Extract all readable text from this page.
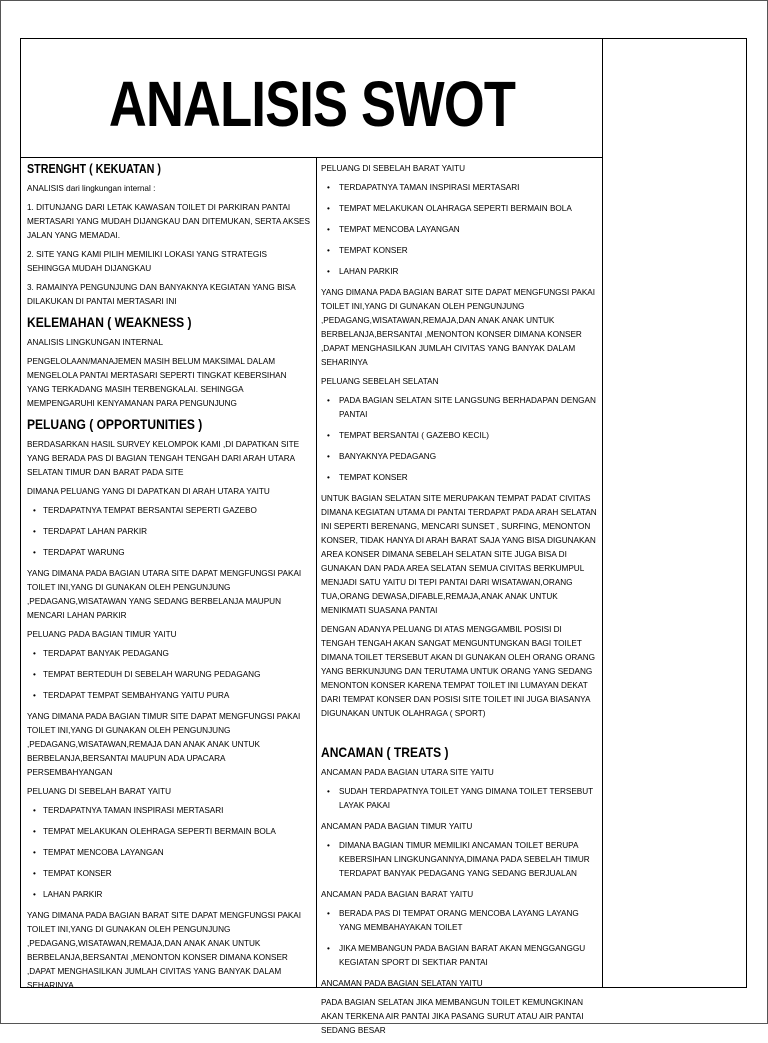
ANALISIS SWOT
STRENGHT ( KEKUATAN )

ANALISIS dari lingkungan internal :

1. DITUNJANG DARI LETAK KAWASAN TOILET DI PARKIRAN PANTAI MERTASARI YANG MUDAH DIJANGKAU DAN DITEMUKAN, SERTA AKSES JALAN YANG MEMADAI.

2. SITE YANG KAMI PILIH MEMILIKI LOKASI YANG STRATEGIS SEHINGGA MUDAH DIJANGKAU

3. RAMAINYA PENGUNJUNG DAN BANYAKNYA KEGIATAN YANG BISA DILAKUKAN DI PANTAI MERTASARI INI

KELEMAHAN ( WEAKNESS )

ANALISIS LINGKUNGAN INTERNAL

PENGELOLAAN/MANAJEMEN MASIH BELUM MAKSIMAL DALAM MENGELOLA PANTAI MERTASARI SEPERTI TINGKAT KEBERSIHAN YANG TERKADANG MASIH TERBENGKALAI. SEHINGGA MEMPENGARUHI KENYAMANAN PARA PENGUNJUNG

PELUANG ( OPPORTUNITIES )

BERDASARKAN HASIL SURVEY KELOMPOK KAMI ,DI DAPATKAN SITE YANG BERADA PAS DI BAGIAN TENGAH TENGAH DARI ARAH UTARA SELATAN TIMUR DAN BARAT PADA SITE

DIMANA PELUANG YANG DI DAPATKAN DI ARAH UTARA YAITU

• TERDAPATNYA TEMPAT BERSANTAI SEPERTI GAZEBO
• TERDAPAT LAHAN PARKIR
• TERDAPAT WARUNG

YANG DIMANA PADA BAGIAN UTARA SITE DAPAT MENGFUNGSI PAKAI TOILET INI,YANG DI GUNAKAN OLEH PENGUNJUNG ,PEDAGANG,WISATAWAN YANG SEDANG BERBELANJA MAUPUN MENCARI LAHAN PARKIR

PELUANG PADA BAGIAN TIMUR YAITU

• TERDAPAT BANYAK PEDAGANG
• TEMPAT BERTEDUH DI SEBELAH WARUNG PEDAGANG
• TERDAPAT TEMPAT SEMBAHYANG YAITU PURA

YANG DIMANA PADA BAGIAN TIMUR SITE DAPAT MENGFUNGSI PAKAI TOILET INI,YANG DI GUNAKAN OLEH PENGUNJUNG ,PEDAGANG,WISATAWAN,REMAJA DAN ANAK ANAK UNTUK BERBELANJA,BERSANTAI MAUPUN ADA UPACARA PERSEMBAHYANGAN

PELUANG DI SEBELAH BARAT YAITU

• TERDAPATNYA TAMAN INSPIRASI MERTASARI
• TEMPAT MELAKUKAN OLEHRAGA SEPERTI BERMAIN BOLA
• TEMPAT MENCOBA LAYANGAN
• TEMPAT KONSER
• LAHAN PARKIR

YANG DIMANA PADA BAGIAN BARAT SITE DAPAT MENGFUNGSI PAKAI TOILET INI,YANG DI GUNAKAN OLEH PENGUNJUNG ,PEDAGANG,WISATAWAN,REMAJA,DAN ANAK ANAK UNTUK BERBELANJA,BERSANTAI ,MENONTON KONSER DIMANA KONSER ,DAPAT MENGHASILKAN JUMLAH CIVITAS YANG BANYAK DALAM SEHARINYA

PELUANG DI SEBELAH BARAT YAITU

• TERDAPATNYA TAMAN INSPIRASI MERTASARI
• TEMPAT MELAKUKAN OLAHRAGA SEPERTI BERMAIN BOLA
• TEMPAT MENCOBA LAYANGAN
• TEMPAT KONSER
• LAHAN PARKIR

YANG DIMANA PADA BAGIAN BARAT SITE DAPAT MENGFUNGSI PAKAI TOILET INI,YANG DI GUNAKAN OLEH PENGUNJUNG ,PEDAGANG,WISATAWAN,REMAJA,DAN ANAK ANAK UNTUK BERBELANJA,BERSANTAI ,MENONTON KONSER DIMANA KONSER ,DAPAT MENGHASILKAN JUMLAH CIVITAS YANG BANYAK DALAM SEHARINYA

PELUANG SEBELAH SELATAN

• PADA BAGIAN SELATAN SITE LANGSUNG BERHADAPAN DENGAN PANTAI
• TEMPAT BERSANTAI ( GAZEBO KECIL)
• BANYAKNYA PEDAGANG
• TEMPAT KONSER

UNTUK BAGIAN SELATAN SITE MERUPAKAN TEMPAT PADAT CIVITAS DIMANA KEGIATAN UTAMA DI PANTAI TERDAPAT PADA ARAH SELATAN INI SEPERTI BERENANG, MENCARI SUNSET , SURFING, MENONTON KONSER, TIDAK HANYA DI ARAH BARAT SAJA YANG BISA DIGUNAKAN AREA KONSER DIMANA SEBELAH SELATAN SITE JUGA BISA DI GUNAKAN DAN PADA AREA SELATAN SEMUA CIVITAS BERKUMPUL MENJADI SATU YAITU DI TEPI PANTAI DARI WISATAWAN,ORANG TUA,ORANG DEWASA,DIFABLE,REMAJA,ANAK ANAK UNTUK MENIKMATI SUASANA PANTAI

DENGAN ADANYA PELUANG DI ATAS MENGGAMBIL POSISI DI TENGAH TENGAH AKAN SANGAT MENGUNTUNGKAN BAGI TOILET DIMANA TOILET TERSEBUT AKAN DI GUNAKAN OLEH ORANG ORANG YANG BERKUNJUNG DAN TERUTAMA UNTUK ORANG YANG SEDANG MENONTON KONSER KARENA TEMPAT TOILET INI LUMAYAN DEKAT DARI TEMPAT KONSER DAN POSISI SITE TOILET INI JUGA BIASANYA DIGUNAKAN UNTUK OLAHRAGA ( SPORT)

ANCAMAN ( TREATS )

ANCAMAN PADA BAGIAN UTARA SITE YAITU

• SUDAH TERDAPATNYA TOILET YANG DIMANA TOILET TERSEBUT LAYAK PAKAI

ANCAMAN PADA BAGIAN TIMUR YAITU

• DIMANA BAGIAN TIMUR MEMILIKI ANCAMAN TOILET BERUPA KEBERSIHAN LINGKUNGANNYA,DIMANA PADA SEBELAH TIMUR TERDAPAT BANYAK PEDAGANG YANG SEDANG BERJUALAN

ANCAMAN PADA BAGIAN BARAT YAITU

• BERADA PAS DI TEMPAT ORANG MENCOBA LAYANG LAYANG YANG MEMBAHAYAKAN TOILET
• JIKA MEMBANGUN PADA BAGIAN BARAT AKAN MENGGANGGU KEGIATAN SPORT DI SEKTIAR PANTAI

ANCAMAN PADA BAGIAN SELATAN YAITU

PADA BAGIAN SELATAN JIKA MEMBANGUN TOILET KEMUNGKINAN AKAN TERKENA AIR PANTAI JIKA PASANG SURUT ATAU AIR PANTAI SEDANG BESAR
